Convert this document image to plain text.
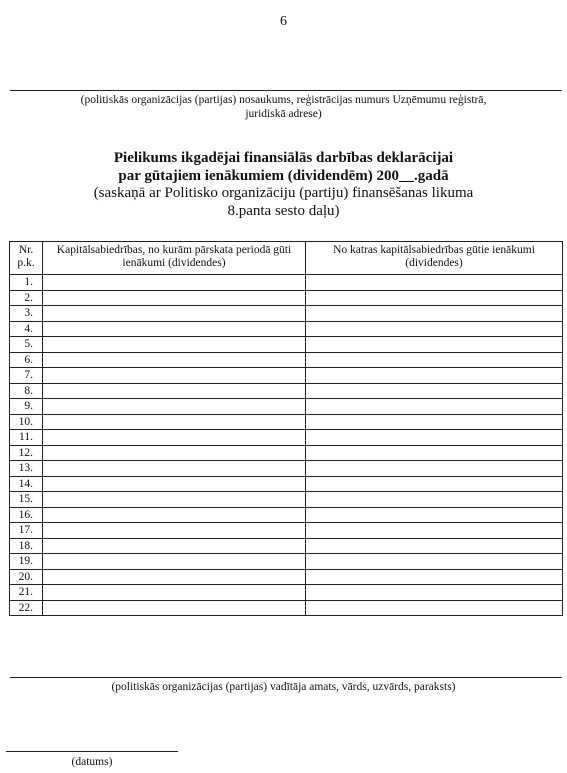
6
(politiskās organizācijas (partijas) nosaukums, reģistrācijas numurs Uzņēmumu reģistrā,
juridiskā adrese)
Pielikums ikgadējai finansiālās darbības deklarācijai
par gūtajiem ienākumiem (dividendēm) 200__.gadā
(saskaņā ar Politisko organizāciju (partiju) finansēšanas likuma
8.panta sesto daļu)
Nr. p.k.	Kapitālsabiedrības, no kurām pārskata periodā gūti ienākumi (dividendes)	No katras kapitālsabiedrības gūtie ienākumi (dividendes)
1.		
2.		
3.		
4.		
5.		
6.		
7.		
8.		
9.		
10.		
11.		
12.		
13.		
14.		
15.		
16.		
17.		
18.		
19.		
20.		
21.		
22.		
(politiskās organizācijas (partijas) vadītāja amats, vārds, uzvārds, paraksts)
(datums)
